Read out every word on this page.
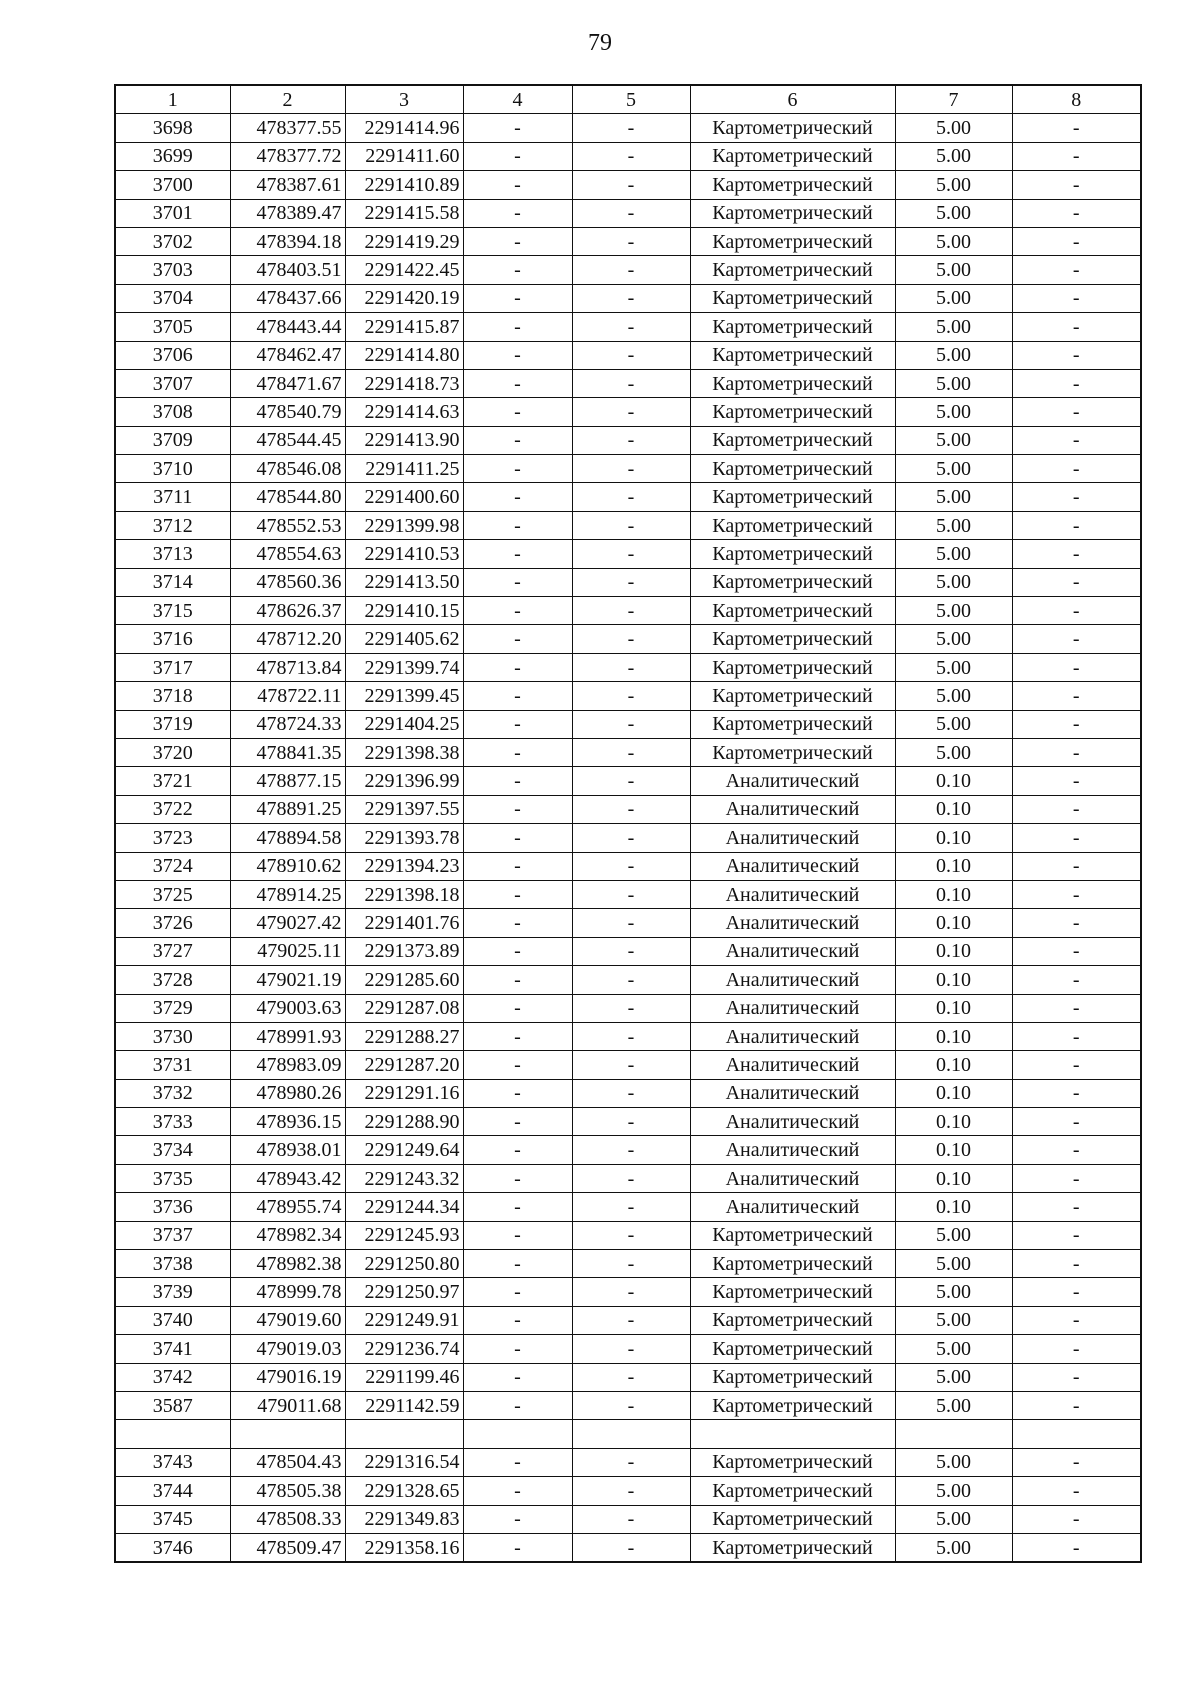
79
1	2	3	4	5	6	7	8
3698	478377.55	2291414.96	-	-	Картометрический	5.00	-
3699	478377.72	2291411.60	-	-	Картометрический	5.00	-
3700	478387.61	2291410.89	-	-	Картометрический	5.00	-
3701	478389.47	2291415.58	-	-	Картометрический	5.00	-
3702	478394.18	2291419.29	-	-	Картометрический	5.00	-
3703	478403.51	2291422.45	-	-	Картометрический	5.00	-
3704	478437.66	2291420.19	-	-	Картометрический	5.00	-
3705	478443.44	2291415.87	-	-	Картометрический	5.00	-
3706	478462.47	2291414.80	-	-	Картометрический	5.00	-
3707	478471.67	2291418.73	-	-	Картометрический	5.00	-
3708	478540.79	2291414.63	-	-	Картометрический	5.00	-
3709	478544.45	2291413.90	-	-	Картометрический	5.00	-
3710	478546.08	2291411.25	-	-	Картометрический	5.00	-
3711	478544.80	2291400.60	-	-	Картометрический	5.00	-
3712	478552.53	2291399.98	-	-	Картометрический	5.00	-
3713	478554.63	2291410.53	-	-	Картометрический	5.00	-
3714	478560.36	2291413.50	-	-	Картометрический	5.00	-
3715	478626.37	2291410.15	-	-	Картометрический	5.00	-
3716	478712.20	2291405.62	-	-	Картометрический	5.00	-
3717	478713.84	2291399.74	-	-	Картометрический	5.00	-
3718	478722.11	2291399.45	-	-	Картометрический	5.00	-
3719	478724.33	2291404.25	-	-	Картометрический	5.00	-
3720	478841.35	2291398.38	-	-	Картометрический	5.00	-
3721	478877.15	2291396.99	-	-	Аналитический	0.10	-
3722	478891.25	2291397.55	-	-	Аналитический	0.10	-
3723	478894.58	2291393.78	-	-	Аналитический	0.10	-
3724	478910.62	2291394.23	-	-	Аналитический	0.10	-
3725	478914.25	2291398.18	-	-	Аналитический	0.10	-
3726	479027.42	2291401.76	-	-	Аналитический	0.10	-
3727	479025.11	2291373.89	-	-	Аналитический	0.10	-
3728	479021.19	2291285.60	-	-	Аналитический	0.10	-
3729	479003.63	2291287.08	-	-	Аналитический	0.10	-
3730	478991.93	2291288.27	-	-	Аналитический	0.10	-
3731	478983.09	2291287.20	-	-	Аналитический	0.10	-
3732	478980.26	2291291.16	-	-	Аналитический	0.10	-
3733	478936.15	2291288.90	-	-	Аналитический	0.10	-
3734	478938.01	2291249.64	-	-	Аналитический	0.10	-
3735	478943.42	2291243.32	-	-	Аналитический	0.10	-
3736	478955.74	2291244.34	-	-	Аналитический	0.10	-
3737	478982.34	2291245.93	-	-	Картометрический	5.00	-
3738	478982.38	2291250.80	-	-	Картометрический	5.00	-
3739	478999.78	2291250.97	-	-	Картометрический	5.00	-
3740	479019.60	2291249.91	-	-	Картометрический	5.00	-
3741	479019.03	2291236.74	-	-	Картометрический	5.00	-
3742	479016.19	2291199.46	-	-	Картометрический	5.00	-
3587	479011.68	2291142.59	-	-	Картометрический	5.00	-

3743	478504.43	2291316.54	-	-	Картометрический	5.00	-
3744	478505.38	2291328.65	-	-	Картометрический	5.00	-
3745	478508.33	2291349.83	-	-	Картометрический	5.00	-
3746	478509.47	2291358.16	-	-	Картометрический	5.00	-
